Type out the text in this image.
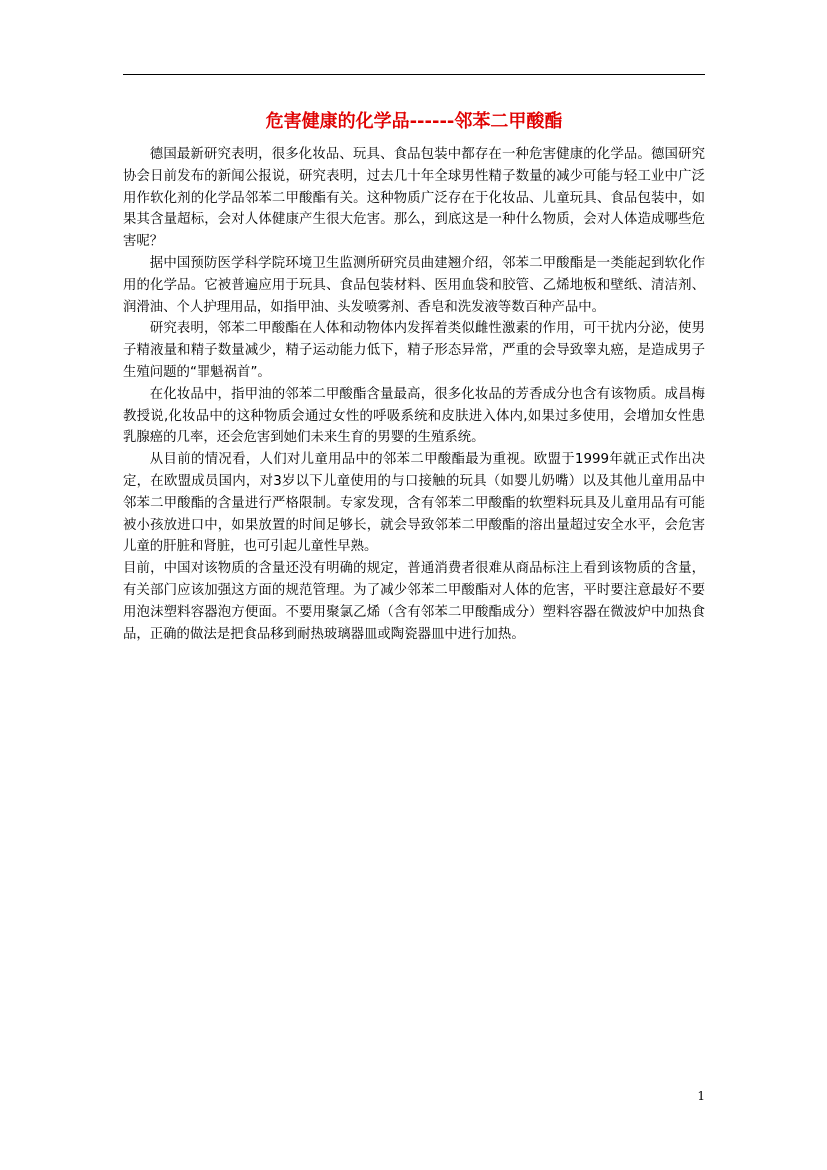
危害健康的化学品------邻苯二甲酸酯

德国最新研究表明，很多化妆品、玩具、食品包装中都存在一种危害健康的化学品。德国研究协会日前发布的新闻公报说，研究表明，过去几十年全球男性精子数量的减少可能与轻工业中广泛用作软化剂的化学品邻苯二甲酸酯有关。这种物质广泛存在于化妆品、儿童玩具、食品包装中，如果其含量超标，会对人体健康产生很大危害。那么，到底这是一种什么物质，会对人体造成哪些危害呢？

据中国预防医学科学院环境卫生监测所研究员曲建翘介绍，邻苯二甲酸酯是一类能起到软化作用的化学品。它被普遍应用于玩具、食品包装材料、医用血袋和胶管、乙烯地板和壁纸、清洁剂、润滑油、个人护理用品，如指甲油、头发喷雾剂、香皂和洗发液等数百种产品中。

研究表明，邻苯二甲酸酯在人体和动物体内发挥着类似雌性激素的作用，可干扰内分泌，使男子精液量和精子数量减少，精子运动能力低下，精子形态异常，严重的会导致睾丸癌，是造成男子生殖问题的“罪魁祸首”。

在化妆品中，指甲油的邻苯二甲酸酯含量最高，很多化妆品的芳香成分也含有该物质。成昌梅教授说,化妆品中的这种物质会通过女性的呼吸系统和皮肤进入体内,如果过多使用，会增加女性患乳腺癌的几率，还会危害到她们未来生育的男婴的生殖系统。

从目前的情况看，人们对儿童用品中的邻苯二甲酸酯最为重视。欧盟于1999年就正式作出决定，在欧盟成员国内，对3岁以下儿童使用的与口接触的玩具（如婴儿奶嘴）以及其他儿童用品中邻苯二甲酸酯的含量进行严格限制。专家发现，含有邻苯二甲酸酯的软塑料玩具及儿童用品有可能被小孩放进口中，如果放置的时间足够长，就会导致邻苯二甲酸酯的溶出量超过安全水平，会危害儿童的肝脏和肾脏，也可引起儿童性早熟。

目前，中国对该物质的含量还没有明确的规定，普通消费者很难从商品标注上看到该物质的含量，有关部门应该加强这方面的规范管理。为了减少邻苯二甲酸酯对人体的危害，平时要注意最好不要用泡沫塑料容器泡方便面。不要用聚氯乙烯（含有邻苯二甲酸酯成分）塑料容器在微波炉中加热食品，正确的做法是把食品移到耐热玻璃器皿或陶瓷器皿中进行加热。

1
